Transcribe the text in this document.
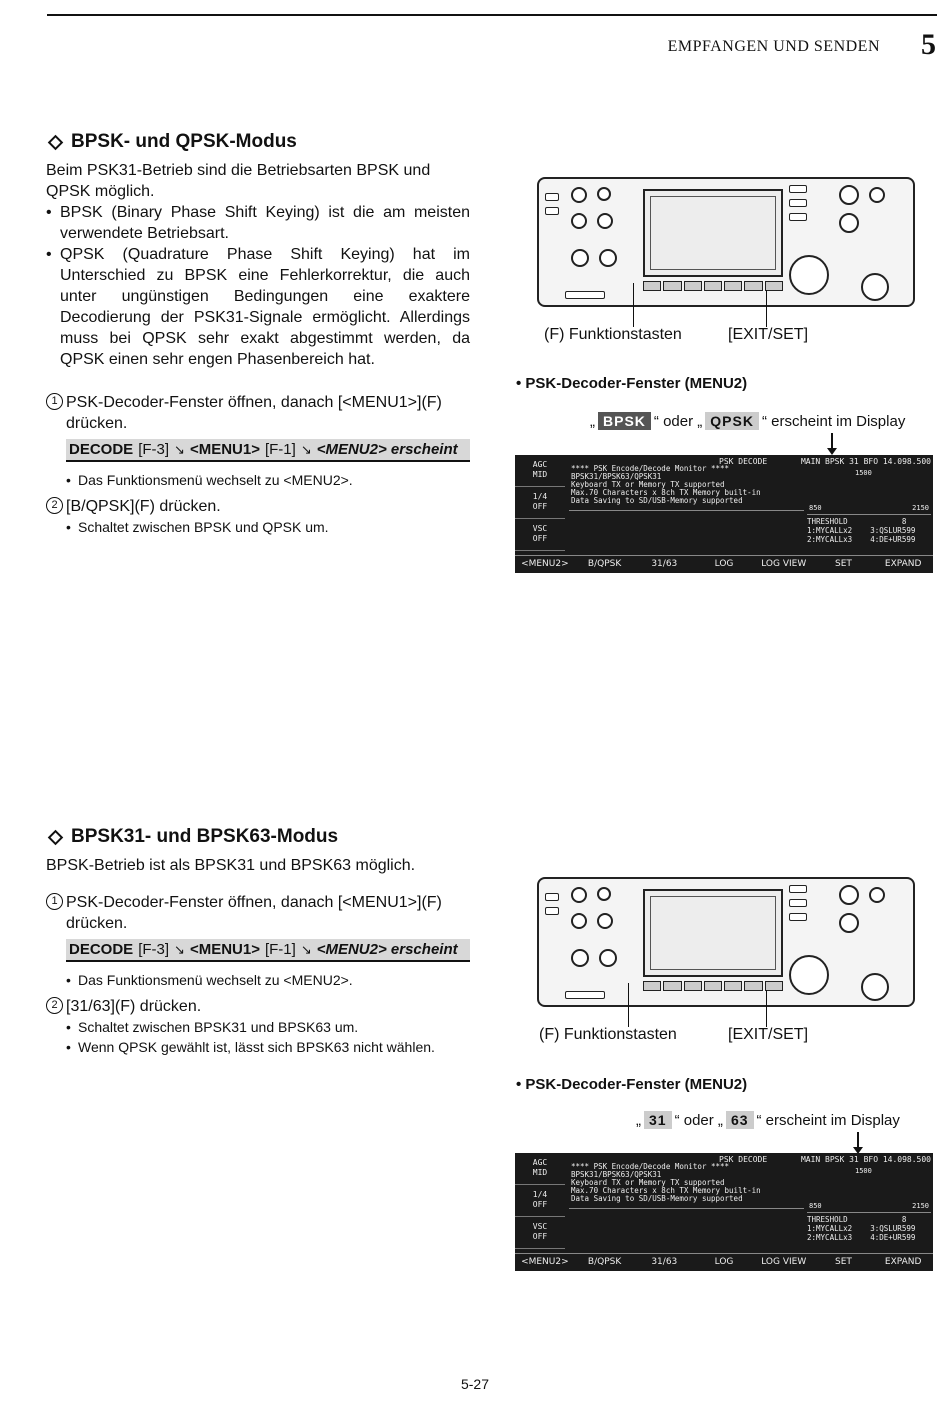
EMPFANGEN UND SENDEN 5
BPSK- und QPSK-Modus
Beim PSK31-Betrieb sind die Betriebsarten BPSK und QPSK möglich.
• BPSK (Binary Phase Shift Keying) ist die am meisten verwendete Betriebsart.
• QPSK (Quadrature Phase Shift Keying) hat im Unterschied zu BPSK eine Fehlerkorrektur, die auch unter ungünstigen Bedingungen eine exaktere Decodierung der PSK31-Signale ermöglicht. Allerdings muss bei QPSK sehr exakt abgestimmt werden, da QPSK einen sehr engen Phasenbereich hat.
1 PSK-Decoder-Fenster öffnen, danach [<MENU1>](F) drücken.
DECODE [F-3] ↘ <MENU1> [F-1] ↘ <MENU2> erscheint
• Das Funktionsmenü wechselt zu <MENU2>.
2 [B/QPSK](F) drücken.
• Schaltet zwischen BPSK und QPSK um.
(F) Funktionstasten	[EXIT/SET]
• PSK-Decoder-Fenster (MENU2)
„ BPSK “ oder „ QPSK “ erscheint im Display
AGC
MID
1/4
OFF
VSC
OFF
PSK DECODE	MAIN BPSK 31 BFO 14.098.500
**** PSK Encode/Decode Monitor ****
BPSK31/BPSK63/QPSK31
Keyboard TX or Memory TX supported
Max.70 Characters x 8ch TX Memory built-in
Data Saving to SD/USB-Memory supported
1500
850	2150
THRESHOLD            8
1:MYCALLx2    3:QSLUR599
2:MYCALLx3    4:DE+UR599
<MENU2>	B/QPSK	31/63	LOG	LOG VIEW	SET	EXPAND
BPSK31- und BPSK63-Modus
BPSK-Betrieb ist als BPSK31 und BPSK63 möglich.
1 PSK-Decoder-Fenster öffnen, danach [<MENU1>](F) drücken.
DECODE [F-3] ↘ <MENU1> [F-1] ↘ <MENU2> erscheint
• Das Funktionsmenü wechselt zu <MENU2>.
2 [31/63](F) drücken.
• Schaltet zwischen BPSK31 und BPSK63 um.
• Wenn QPSK gewählt ist, lässt sich BPSK63 nicht wählen.
(F) Funktionstasten	[EXIT/SET]
• PSK-Decoder-Fenster (MENU2)
„ 31 “ oder „ 63 “ erscheint im Display
AGC
MID
1/4
OFF
VSC
OFF
PSK DECODE	MAIN BPSK 31 BFO 14.098.500
**** PSK Encode/Decode Monitor ****
BPSK31/BPSK63/QPSK31
Keyboard TX or Memory TX supported
Max.70 Characters x 8ch TX Memory built-in
Data Saving to SD/USB-Memory supported
1500
850	2150
THRESHOLD            8
1:MYCALLx2    3:QSLUR599
2:MYCALLx3    4:DE+UR599
<MENU2>	B/QPSK	31/63	LOG	LOG VIEW	SET	EXPAND
5-27
